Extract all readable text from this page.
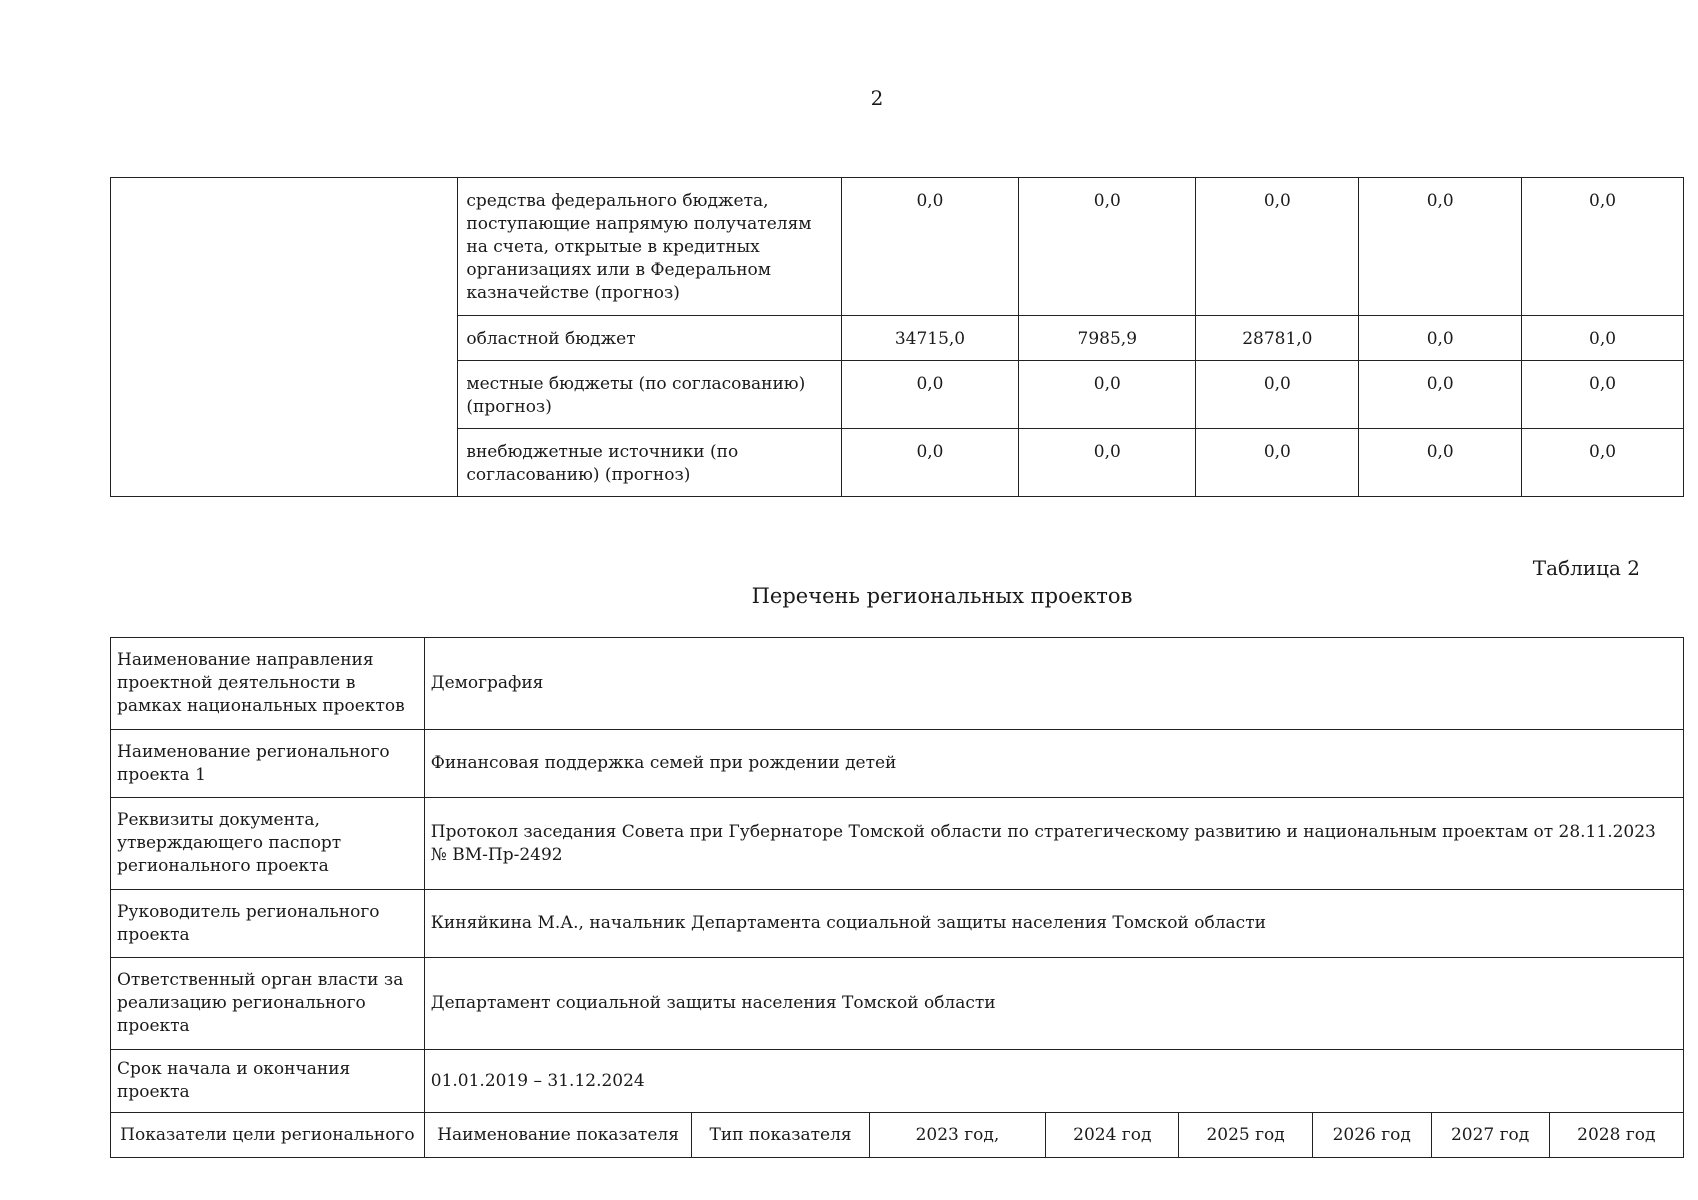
2
	средства федерального бюджета, поступающие напрямую получателям на счета, открытые в кредитных организациях или в Федеральном казначействе (прогноз)	0,0	0,0	0,0	0,0	0,0
	областной бюджет	34715,0	7985,9	28781,0	0,0	0,0
	местные бюджеты (по согласованию) (прогноз)	0,0	0,0	0,0	0,0	0,0
	внебюджетные источники (по согласованию) (прогноз)	0,0	0,0	0,0	0,0	0,0
Таблица 2
Перечень региональных проектов
Наименование направления проектной деятельности в рамках национальных проектов	Демография							
Наименование регионального проекта 1	Финансовая поддержка семей при рождении детей							
Реквизиты документа, утверждающего паспорт регионального проекта	Протокол заседания Совета при Губернаторе Томской области по стратегическому развитию и национальным проектам от 28.11.2023 № ВМ-Пр-2492							
Руководитель регионального проекта	Киняйкина М.А., начальник Департамента социальной защиты населения Томской области							
Ответственный орган власти за реализацию регионального проекта	Департамент социальной защиты населения Томской области							
Срок начала и окончания проекта	01.01.2019 – 31.12.2024							
Показатели цели регионального	Наименование показателя	Тип показателя	2023 год,	2024 год	2025 год	2026 год	2027 год	2028 год
